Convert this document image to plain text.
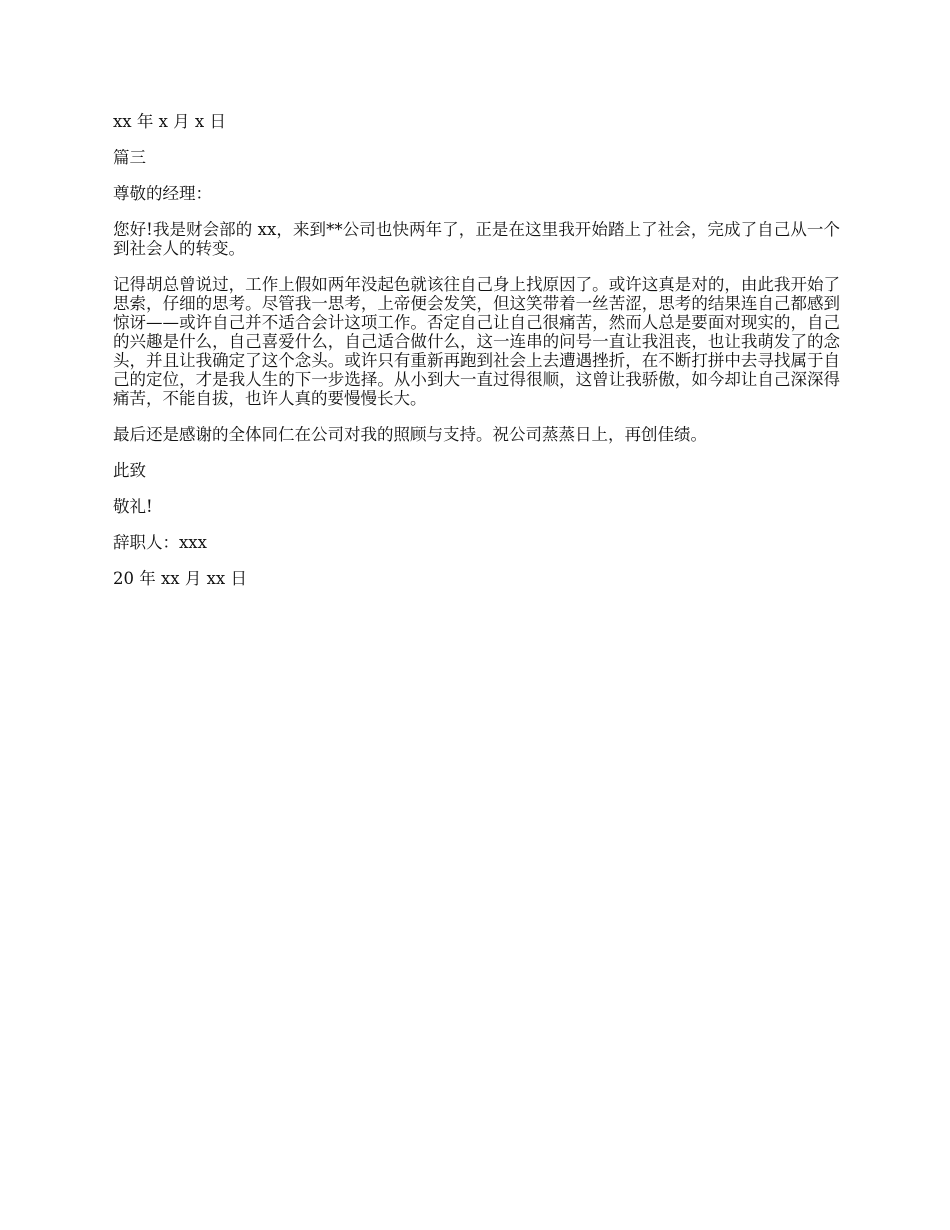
xx 年 x 月 x 日
篇三
尊敬的经理：
您好!我是财会部的 xx，来到**公司也快两年了，正是在这里我开始踏上了社会，完成了自己从一个到社会人的转变。
记得胡总曾说过，工作上假如两年没起色就该往自己身上找原因了。或许这真是对的，由此我开始了思索，仔细的思考。尽管我一思考，上帝便会发笑，但这笑带着一丝苦涩，思考的结果连自己都感到惊讶——或许自己并不适合会计这项工作。否定自己让自己很痛苦，然而人总是要面对现实的，自己的兴趣是什么，自己喜爱什么，自己适合做什么，这一连串的问号一直让我沮丧，也让我萌发了的念头，并且让我确定了这个念头。或许只有重新再跑到社会上去遭遇挫折，在不断打拼中去寻找属于自己的定位，才是我人生的下一步选择。从小到大一直过得很顺，这曾让我骄傲，如今却让自己深深得痛苦，不能自拔，也许人真的要慢慢长大。
最后还是感谢的全体同仁在公司对我的照顾与支持。祝公司蒸蒸日上，再创佳绩。
此致
敬礼!
辞职人：xxx
20 年 xx 月 xx 日
